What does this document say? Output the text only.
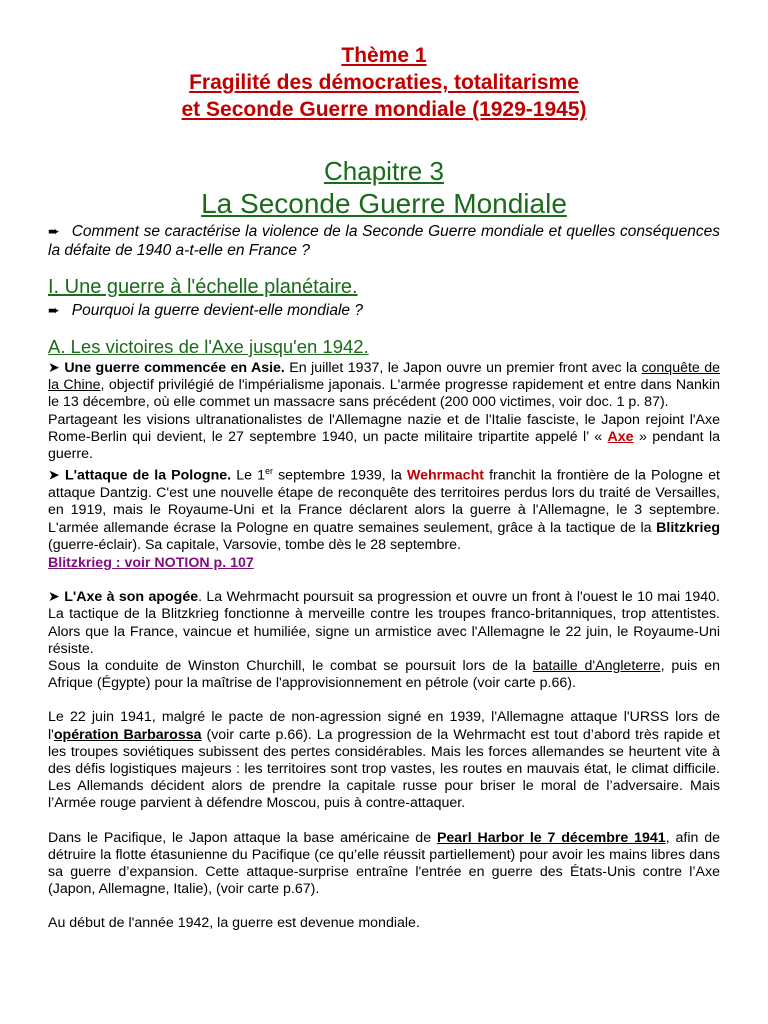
Thème 1
Fragilité des démocraties, totalitarisme
et Seconde Guerre mondiale (1929-1945)
Chapitre 3
La Seconde Guerre Mondiale
➨ Comment se caractérise la violence de la Seconde Guerre mondiale et quelles conséquences la défaite de 1940 a-t-elle en France ?
I. Une guerre à l'échelle planétaire.
➨ Pourquoi la guerre devient-elle mondiale ?
A. Les victoires de l'Axe jusqu'en 1942.

➤ Une guerre commencée en Asie. En juillet 1937, le Japon ouvre un premier front avec la conquête de la Chine, objectif privilégié de l'impérialisme japonais. L'armée progresse rapidement et entre dans Nankin le 13 décembre, où elle commet un massacre sans précédent (200 000 victimes, voir doc. 1 p. 87).

Partageant les visions ultranationalistes de l'Allemagne nazie et de l'Italie fasciste, le Japon rejoint l'Axe Rome-Berlin qui devient, le 27 septembre 1940, un pacte militaire tripartite appelé l’ « Axe » pendant la guerre.

➤ L'attaque de la Pologne. Le 1er septembre 1939, la Wehrmacht franchit la frontière de la Pologne et attaque Dantzig. C'est une nouvelle étape de reconquête des territoires perdus lors du traité de Versailles, en 1919, mais le Royaume-Uni et la France déclarent alors la guerre à l'Allemagne, le 3 septembre. L'armée allemande écrase la Pologne en quatre semaines seulement, grâce à la tactique de la Blitzkrieg (guerre-éclair). Sa capitale, Varsovie, tombe dès le 28 septembre.

Blitzkrieg : voir NOTION p. 107

➤ L'Axe à son apogée. La Wehrmacht poursuit sa progression et ouvre un front à l'ouest le 10 mai 1940. La tactique de la Blitzkrieg fonctionne à merveille contre les troupes franco-britanniques, trop attentistes. Alors que la France, vaincue et humiliée, signe un armistice avec l'Allemagne le 22 juin, le Royaume-Uni résiste.

Sous la conduite de Winston Churchill, le combat se poursuit lors de la bataille d'Angleterre, puis en Afrique (Égypte) pour la maîtrise de l'approvisionnement en pétrole (voir carte p.66).

Le 22 juin 1941, malgré le pacte de non-agression signé en 1939, l'Allemagne attaque l'URSS lors de l'opération Barbarossa (voir carte p.66). La progression de la Wehrmacht est tout d’abord très rapide et les troupes soviétiques subissent des pertes considérables. Mais les forces allemandes se heurtent vite à des défis logistiques majeurs : les territoires sont trop vastes, les routes en mauvais état, le climat difficile. Les Allemands décident alors de prendre la capitale russe pour briser le moral de l’adversaire. Mais l’Armée rouge parvient à défendre Moscou, puis à contre-attaquer.

Dans le Pacifique, le Japon attaque la base américaine de Pearl Harbor le 7 décembre 1941, afin de détruire la flotte étasunienne du Pacifique (ce qu’elle réussit partiellement) pour avoir les mains libres dans sa guerre d’expansion. Cette attaque-surprise entraîne l'entrée en guerre des États-Unis contre l’Axe (Japon, Allemagne, Italie), (voir carte p.67).

Au début de l'année 1942, la guerre est devenue mondiale.
